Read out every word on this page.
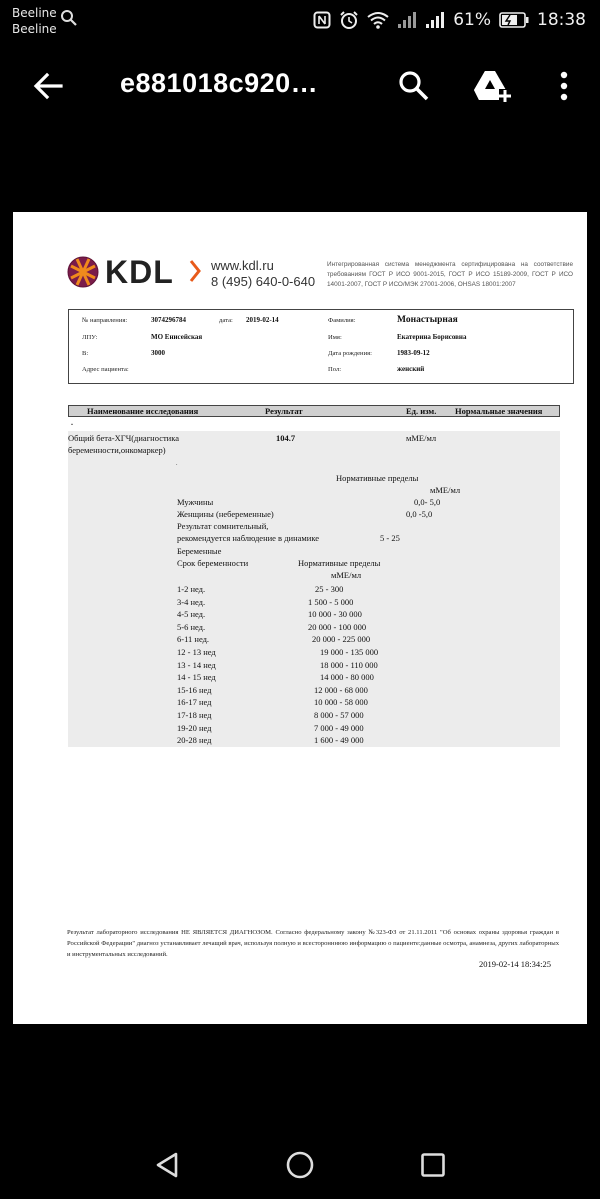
Beeline
Beeline	61%	18:38
e881018c920…
KDL	www.kdl.ru
8 (495) 640-0-640
Интегрированная система менеджмента сертифицирована на соответствие требованиям ГОСТ Р ИСО 9001-2015, ГОСТ Р ИСО 15189-2009, ГОСТ Р ИСО 14001-2007, ГОСТ Р ИСО/МЭК 27001-2006, OHSAS 18001:2007
№ направления:	3074296784	дата: 2019-02-14	Фамилия:	Монастырная
ЛПУ:	МО Енисейская	Имя:	Екатерина Борисовна
В:	3000	Дата рождения:	1983-09-12
Адрес пациента:	Пол:	женский
Наименование исследования	Результат	Ед. изм. Нормальные значения
.
Общий бета-ХГЧ(диагностика
беременности,онкомаркер)
104.7	мМЕ/мл
.
Нормативные пределы
мМЕ/мл
Мужчины	0,0- 5,0
Женщины (небеременные)	0,0 -5,0
Результат сомнительный,
рекомендуется наблюдение в динамике	5 - 25
Беременные
Срок беременности	Нормативные пределы
мМЕ/мл
1-2 нед.	25 - 300
3-4 нед.	1 500 - 5 000
4-5 нед.	10 000 - 30 000
5-6 нед.	20 000 - 100 000
6-11 нед.	20 000 - 225 000
12 - 13 нед	19 000 - 135 000
13 - 14 нед	18 000 - 110 000
14 - 15 нед	14 000 - 80 000
15-16 нед	12 000 - 68 000
16-17 нед	10 000 - 58 000
17-18 нед	8 000 - 57 000
19-20 нед	7 000 - 49 000
20-28 нед	1 600 - 49 000
Результат лабораторного исследования НЕ ЯВЛЯЕТСЯ ДИАГНОЗОМ. Согласно федеральному закону №323-ФЗ от 21.11.2011 "Об основах охраны здоровья граждан в Российской Федерации" диагноз устанавливает лечащий врач, используя полную и всесторонннюю информацию о пациенте:данные осмотра, анамнеза, других лабораторных и инструментальных исследований.
2019-02-14 18:34:25
